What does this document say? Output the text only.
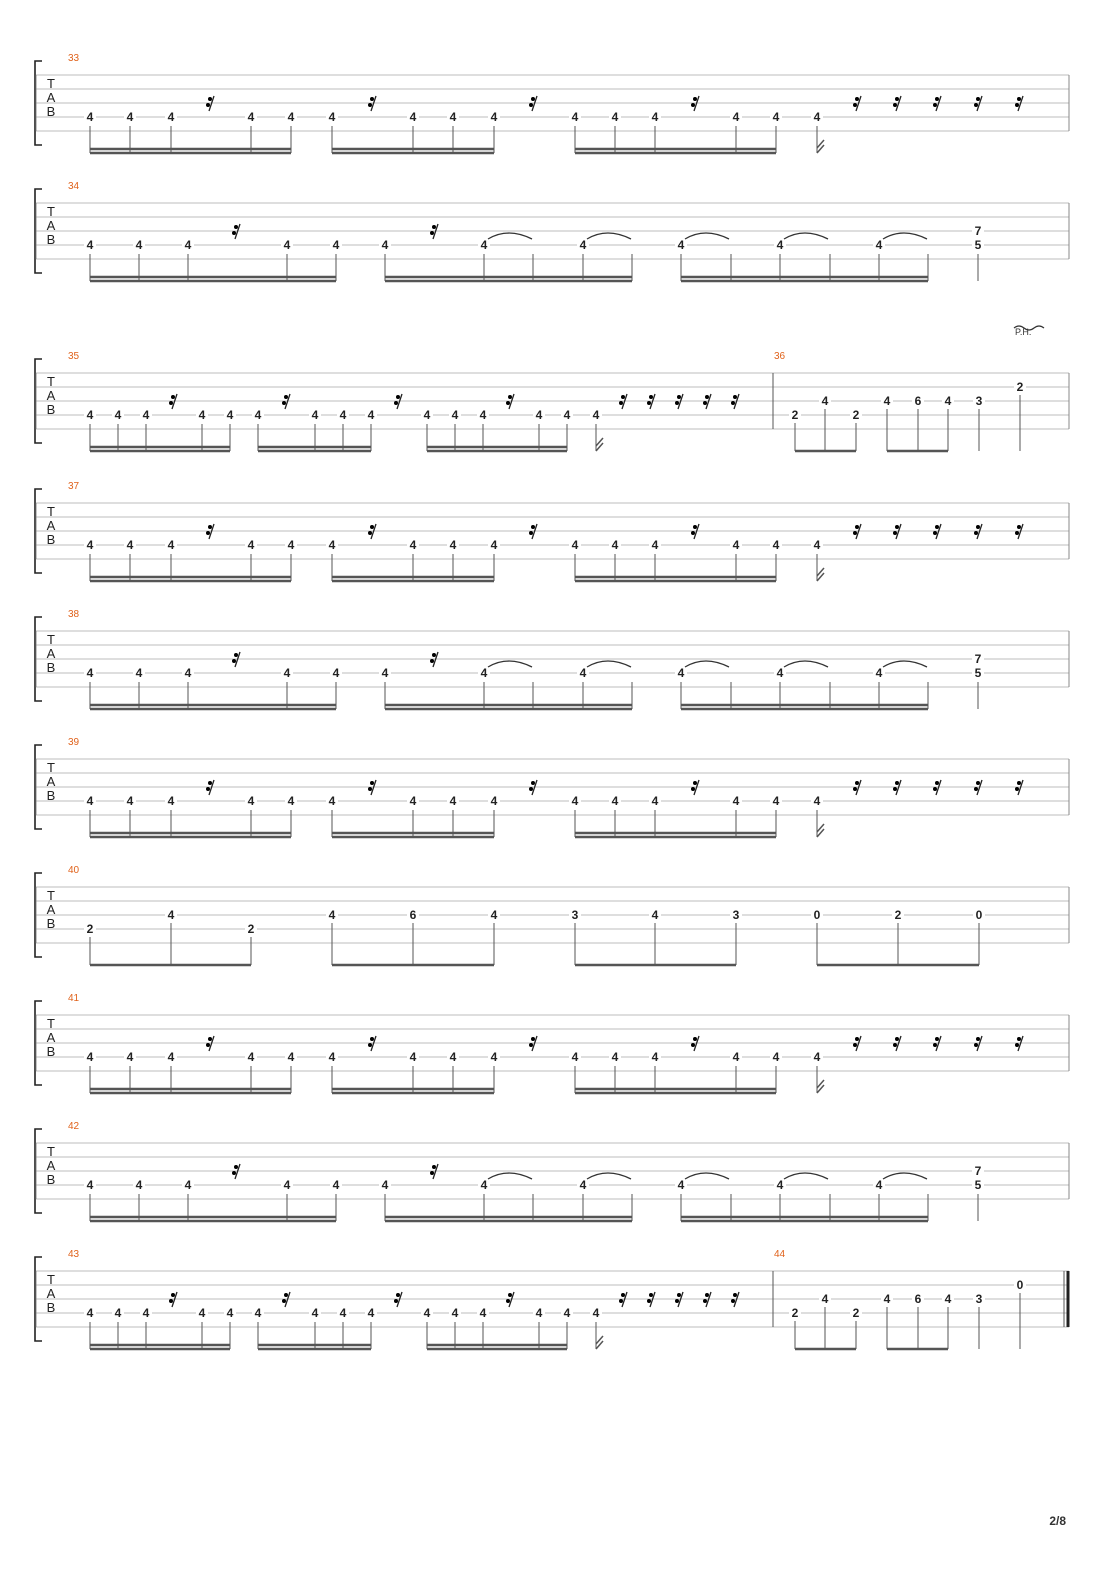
T
A
B
33
4	4	4	4	4	4	4	4	4	4	4	4	4	4	4
T
A
B
34
4	4	4	4	4	4	4	4	4	4	4
7
5
T
A
B
35	36
P.H.
4 4 4	4 4 4	4 4 4	4 4 4	4 4 4	2
4
2
4 6 4 3
2
T
A
B
37
4	4	4	4	4	4	4	4	4	4	4	4	4	4	4
T
A
B
38
4	4	4	4	4	4	4	4	4	4	4
7
5
T
A
B
39
4	4	4	4	4	4	4	4	4	4	4	4	4	4	4
T
A
B
40
2
4
2
4	6	4	3	4	3	0	2	0
T
A
B
41
4	4	4	4	4	4	4	4	4	4	4	4	4	4	4
T
A
B
42
4	4	4	4	4	4	4	4	4	4	4
7
5
T
A
B
43	44
4 4 4	4 4 4	4 4 4	4 4 4	4 4 4	2
4
2
4 6 4 3
0
2/8
